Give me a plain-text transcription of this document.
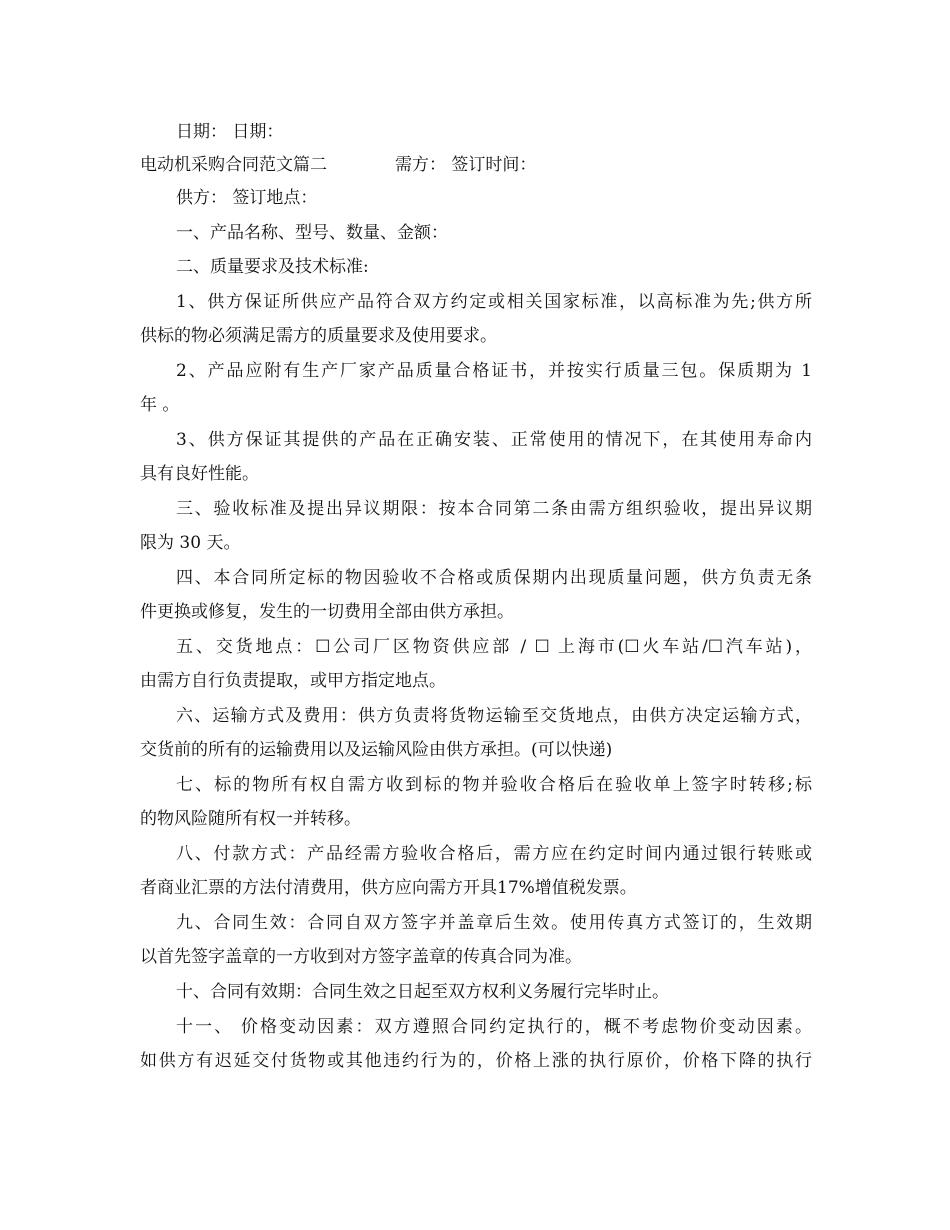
日期： 日期：
电动机采购合同范文篇二	需方： 签订时间：
供方： 签订地点：
一、产品名称、型号、数量、金额：
二、质量要求及技术标准:
1、供方保证所供应产品符合双方约定或相关国家标准，以高标准为先;供方所
供标的物必须满足需方的质量要求及使用要求。
2、产品应附有生产厂家产品质量合格证书，并按实行质量三包。保质期为 1
年 。
3、供方保证其提供的产品在正确安装、正常使用的情况下，在其使用寿命内
具有良好性能。
三、验收标准及提出异议期限：按本合同第二条由需方组织验收，提出异议期
限为 30 天。
四、本合同所定标的物因验收不合格或质保期内出现质量问题，供方负责无条
件更换或修复，发生的一切费用全部由供方承担。
五、交货地点：☐公司厂区物资供应部 / ☐ 上海市(☐火车站/☐汽车站)，
由需方自行负责提取，或甲方指定地点。
六、运输方式及费用：供方负责将货物运输至交货地点，由供方决定运输方式，
交货前的所有的运输费用以及运输风险由供方承担。(可以快递)
七、标的物所有权自需方收到标的物并验收合格后在验收单上签字时转移;标
的物风险随所有权一并转移。
八、付款方式：产品经需方验收合格后，需方应在约定时间内通过银行转账或
者商业汇票的方法付清费用，供方应向需方开具17%增值税发票。
九、合同生效：合同自双方签字并盖章后生效。使用传真方式签订的，生效期
以首先签字盖章的一方收到对方签字盖章的传真合同为准。
十、合同有效期：合同生效之日起至双方权利义务履行完毕时止。
十一、 价格变动因素：双方遵照合同约定执行的，概不考虑物价变动因素。
如供方有迟延交付货物或其他违约行为的，价格上涨的执行原价，价格下降的执行
